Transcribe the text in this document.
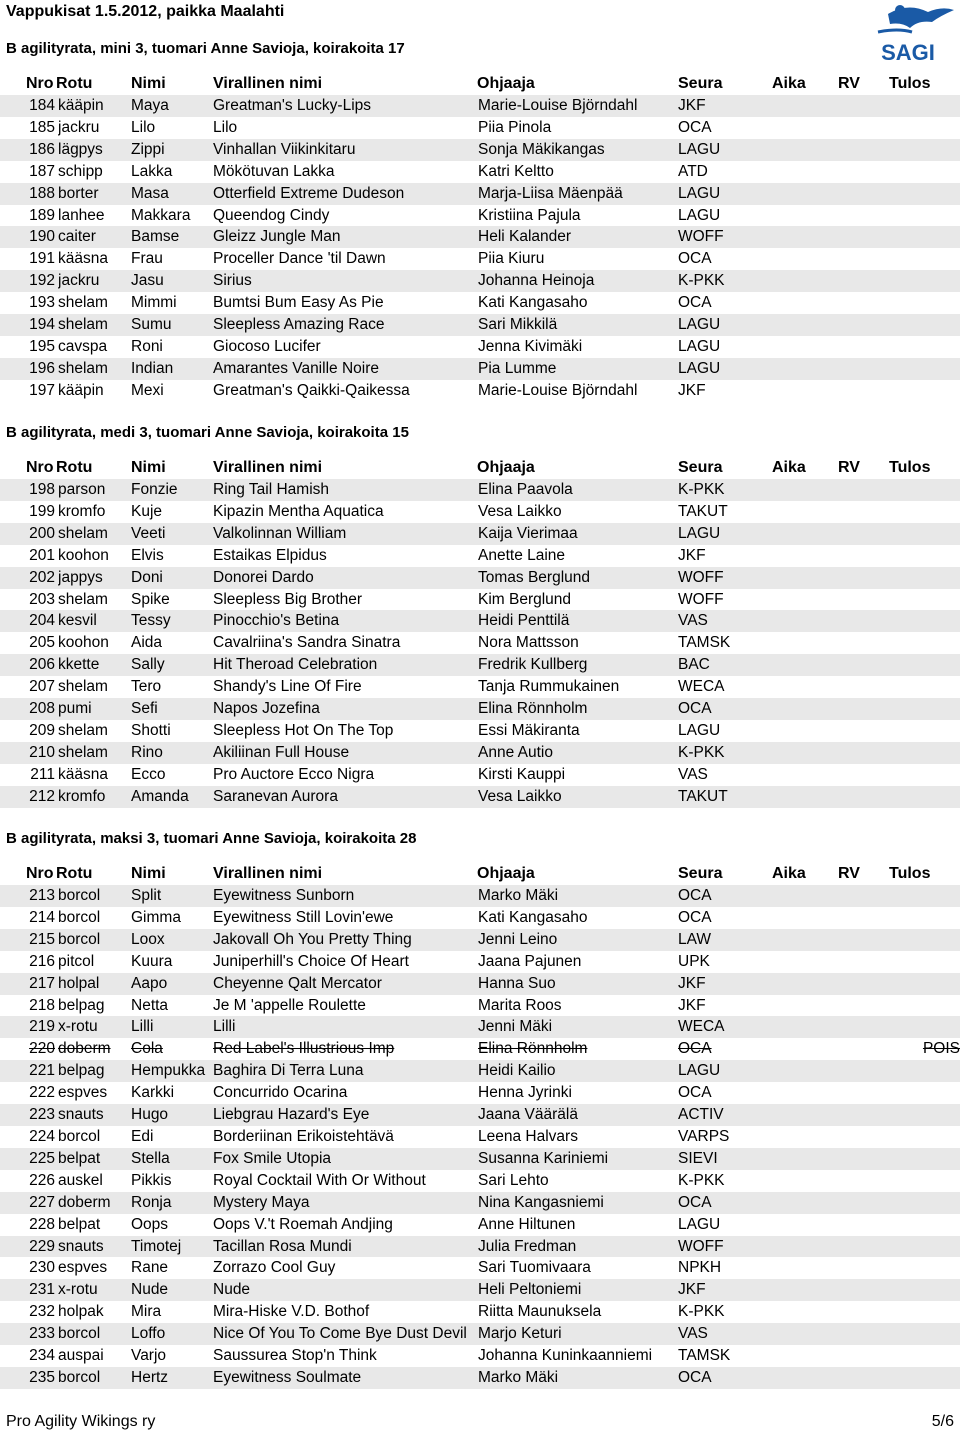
Vappukisat 1.5.2012, paikka Maalahti
SAGI
B agilityrata, mini 3, tuomari Anne Savioja, koirakoita 17
Nro Rotu Nimi	Virallinen nimi	Ohjaaja	Seura	Aika RV Tulos
184	kääpin	Maya	Greatman's Lucky-Lips	Marie-Louise Björndahl	JKF			
185	jackru	Lilo	Lilo	Piia Pinola	OCA			
186	lägpys	Zippi	Vinhallan Viikinkitaru	Sonja Mäkikangas	LAGU			
187	schipp	Lakka	Mökötuvan Lakka	Katri Keltto	ATD			
188	borter	Masa	Otterfield Extreme Dudeson	Marja-Liisa Mäenpää	LAGU			
189	lanhee	Makkara	Queendog Cindy	Kristiina Pajula	LAGU			
190	caiter	Bamse	Gleizz Jungle Man	Heli Kalander	WOFF			
191	kääsna	Frau	Proceller Dance 'til Dawn	Piia Kiuru	OCA			
192	jackru	Jasu	Sirius	Johanna Heinoja	K-PKK			
193	shelam	Mimmi	Bumtsi Bum Easy As Pie	Kati Kangasaho	OCA			
194	shelam	Sumu	Sleepless Amazing Race	Sari Mikkilä	LAGU			
195	cavspa	Roni	Giocoso Lucifer	Jenna Kivimäki	LAGU			
196	shelam	Indian	Amarantes Vanille Noire	Pia Lumme	LAGU			
197	kääpin	Mexi	Greatman's Qaikki-Qaikessa	Marie-Louise Björndahl	JKF			
B agilityrata, medi 3, tuomari Anne Savioja, koirakoita 15
Nro Rotu Nimi	Virallinen nimi	Ohjaaja	Seura	Aika RV Tulos
198	parson	Fonzie	Ring Tail Hamish	Elina Paavola	K-PKK			
199	kromfo	Kuje	Kipazin Mentha Aquatica	Vesa Laikko	TAKUT			
200	shelam	Veeti	Valkolinnan William	Kaija Vierimaa	LAGU			
201	koohon	Elvis	Estaikas Elpidus	Anette Laine	JKF			
202	jappys	Doni	Donorei Dardo	Tomas Berglund	WOFF			
203	shelam	Spike	Sleepless Big Brother	Kim Berglund	WOFF			
204	kesvil	Tessy	Pinocchio's Betina	Heidi Penttilä	VAS			
205	koohon	Aida	Cavalriina's Sandra Sinatra	Nora Mattsson	TAMSK			
206	kkette	Sally	Hit Theroad Celebration	Fredrik Kullberg	BAC			
207	shelam	Tero	Shandy's Line Of Fire	Tanja Rummukainen	WECA			
208	pumi	Sefi	Napos Jozefina	Elina Rönnholm	OCA			
209	shelam	Shotti	Sleepless Hot On The Top	Essi Mäkiranta	LAGU			
210	shelam	Rino	Akiliinan Full House	Anne Autio	K-PKK			
211	kääsna	Ecco	Pro Auctore Ecco Nigra	Kirsti Kauppi	VAS			
212	kromfo	Amanda	Saranevan Aurora	Vesa Laikko	TAKUT			
B agilityrata, maksi 3, tuomari Anne Savioja, koirakoita 28
Nro Rotu Nimi	Virallinen nimi	Ohjaaja	Seura	Aika RV Tulos
213	borcol	Split	Eyewitness Sunborn	Marko Mäki	OCA			
214	borcol	Gimma	Eyewitness Still Lovin'ewe	Kati Kangasaho	OCA			
215	borcol	Loox	Jakovall Oh You Pretty Thing	Jenni Leino	LAW			
216	pitcol	Kuura	Juniperhill's Choice Of Heart	Jaana Pajunen	UPK			
217	holpal	Aapo	Cheyenne Qalt Mercator	Hanna Suo	JKF			
218	belpag	Netta	Je M 'appelle Roulette	Marita Roos	JKF			
219	x-rotu	Lilli	Lilli	Jenni Mäki	WECA			
220	doberm	Cola	Red Label's Illustrious Imp	Elina Rönnholm	OCA			POIS
221	belpag	Hempukka	Baghira Di Terra Luna	Heidi Kailio	LAGU			
222	espves	Karkki	Concurrido Ocarina	Henna Jyrinki	OCA			
223	snauts	Hugo	Liebgrau Hazard's Eye	Jaana Väärälä	ACTIV			
224	borcol	Edi	Borderiinan Erikoistehtävä	Leena Halvars	VARPS			
225	belpat	Stella	Fox Smile Utopia	Susanna Kariniemi	SIEVI			
226	auskel	Pikkis	Royal Cocktail With Or Without	Sari Lehto	K-PKK			
227	doberm	Ronja	Mystery Maya	Nina Kangasniemi	OCA			
228	belpat	Oops	Oops V.'t Roemah Andjing	Anne Hiltunen	LAGU			
229	snauts	Timotej	Tacillan Rosa Mundi	Julia Fredman	WOFF			
230	espves	Rane	Zorrazo Cool Guy	Sari Tuomivaara	NPKH			
231	x-rotu	Nude	Nude	Heli Peltoniemi	JKF			
232	holpak	Mira	Mira-Hiske V.D. Bothof	Riitta Maunuksela	K-PKK			
233	borcol	Loffo	Nice Of You To Come Bye Dust Devil	Marjo Keturi	VAS			
234	auspai	Varjo	Saussurea Stop'n Think	Johanna Kuninkaanniemi	TAMSK			
235	borcol	Hertz	Eyewitness Soulmate	Marko Mäki	OCA			
Pro Agility Wikings ry	5/6
